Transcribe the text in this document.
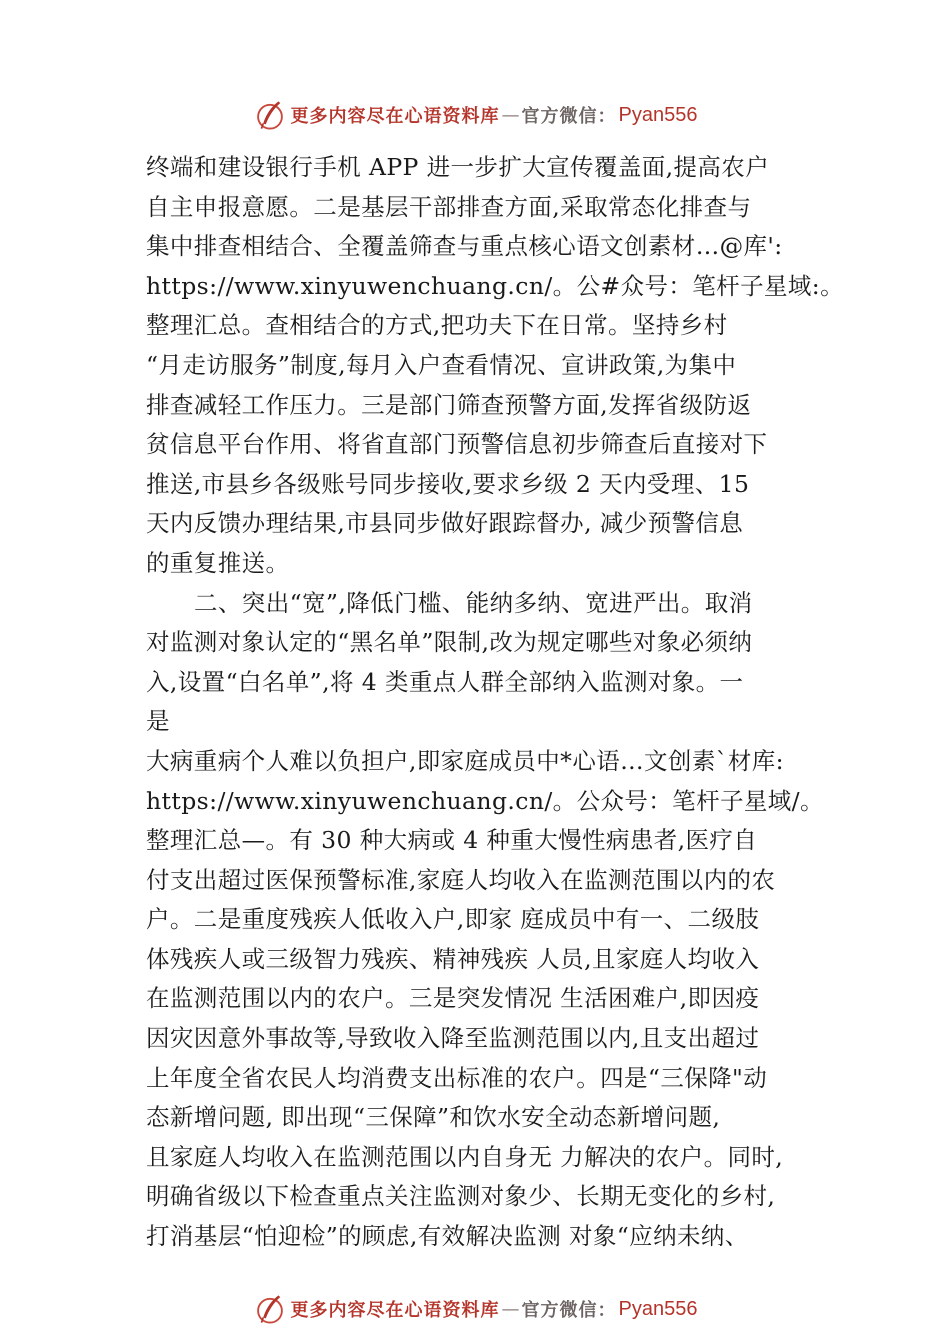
更多内容尽在心语资料库 — 官方微信： Pyan556
终端和建设银行手机 APP 进一步扩大宣传覆盖面,提高农户
自主申报意愿。二是基层干部排查方面,采取常态化排查与
集中排查相结合、全覆盖筛查与重点核心语文创素材…@库':
https://www.xinyuwenchuang.cn/。公#众号：笔杆子星域:。
整理汇总。查相结合的方式,把功夫下在日常。坚持乡村
“月走访服务”制度,每月入户查看情况、宣讲政策,为集中
排查减轻工作压力。三是部门筛查预警方面,发挥省级防返
贫信息平台作用、将省直部门预警信息初步筛查后直接对下
推送,市县乡各级账号同步接收,要求乡级 2 天内受理、15
天内反馈办理结果,市县同步做好跟踪督办, 减少预警信息
的重复推送。
二、突出“宽”,降低门槛、能纳多纳、宽进严出。取消
对监测对象认定的“黑名单”限制,改为规定哪些对象必须纳
入,设置“白名单”,将 4 类重点人群全部纳入监测对象。一
是
大病重病个人难以负担户,即家庭成员中*心语…文创素`材库:
https://www.xinyuwenchuang.cn/。公众号：笔杆子星域/。
整理汇总—。有 30 种大病或 4 种重大慢性病患者,医疗自
付支出超过医保预警标准,家庭人均收入在监测范围以内的农
户。二是重度残疾人低收入户,即家 庭成员中有一、二级肢
体残疾人或三级智力残疾、精神残疾 人员,且家庭人均收入
在监测范围以内的农户。三是突发情况 生活困难户,即因疫
因灾因意外事故等,导致收入降至监测范围以内,且支出超过
上年度全省农民人均消费支出标准的农户。四是“三保降"动
态新增问题, 即出现“三保障”和饮水安全动态新增问题,
且家庭人均收入在监测范围以内自身无 力解决的农户。同时,
明确省级以下检查重点关注监测对象少、长期无变化的乡村,
打消基层“怕迎检”的顾虑,有效解决监测 对象“应纳未纳、
更多内容尽在心语资料库 — 官方微信： Pyan556
